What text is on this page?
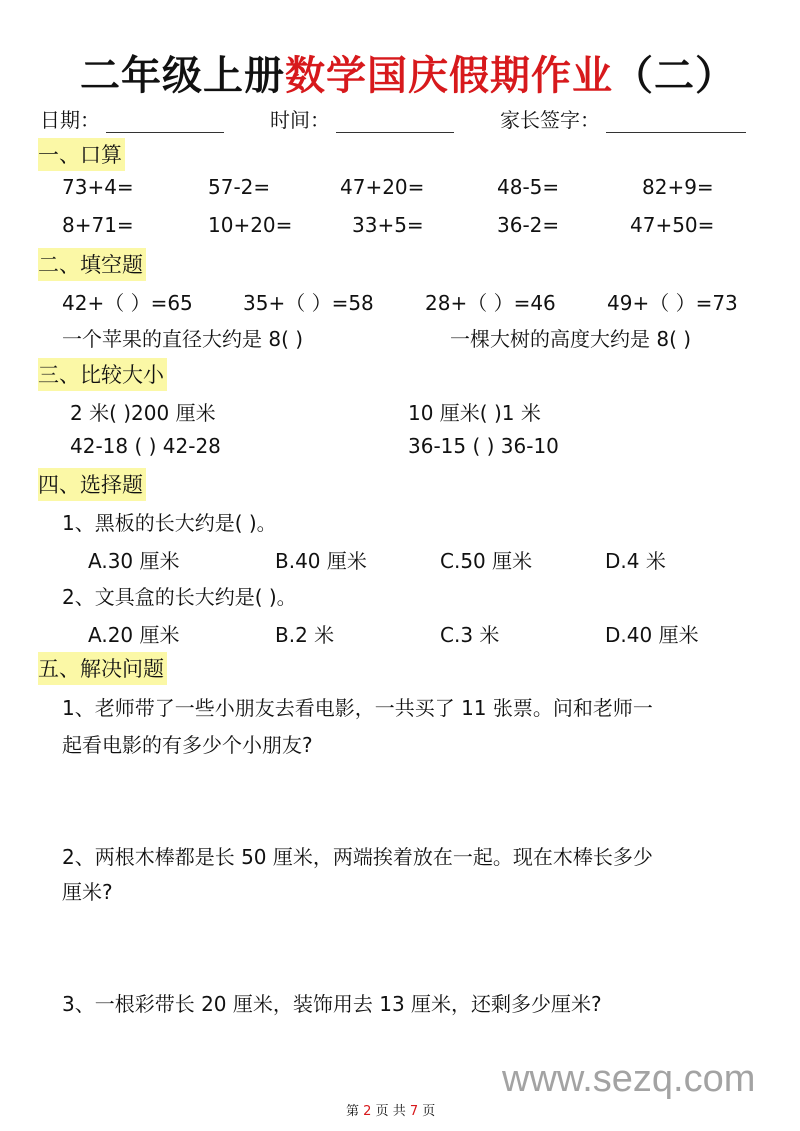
二年级上册数学国庆假期作业（二）
日期：	时间：	家长签字：
一、口算
73+4=	57-2=	47+20=	48-5=	82+9=
8+71=	10+20=	33+5=	36-2=	47+50=
二、填空题
42+（ ）=65	35+（ ）=58	28+（ ）=46	49+（ ）=73
一个苹果的直径大约是 8( )	一棵大树的高度大约是 8( )
三、比较大小
2 米( )200 厘米	10 厘米( )1 米
42-18 ( ) 42-28	36-15 ( ) 36-10
四、选择题
1、黑板的长大约是( )。
A.30 厘米	B.40 厘米	C.50 厘米	D.4 米
2、文具盒的长大约是( )。
A.20 厘米	B.2 米	C.3 米	D.40 厘米
五、解决问题
1、老师带了一些小朋友去看电影，一共买了 11 张票。问和老师一
起看电影的有多少个小朋友?
2、两根木棒都是长 50 厘米，两端挨着放在一起。现在木棒长多少
厘米?
3、一根彩带长 20 厘米，装饰用去 13 厘米，还剩多少厘米?
www.sezq.com
第 2 页 共 7 页
